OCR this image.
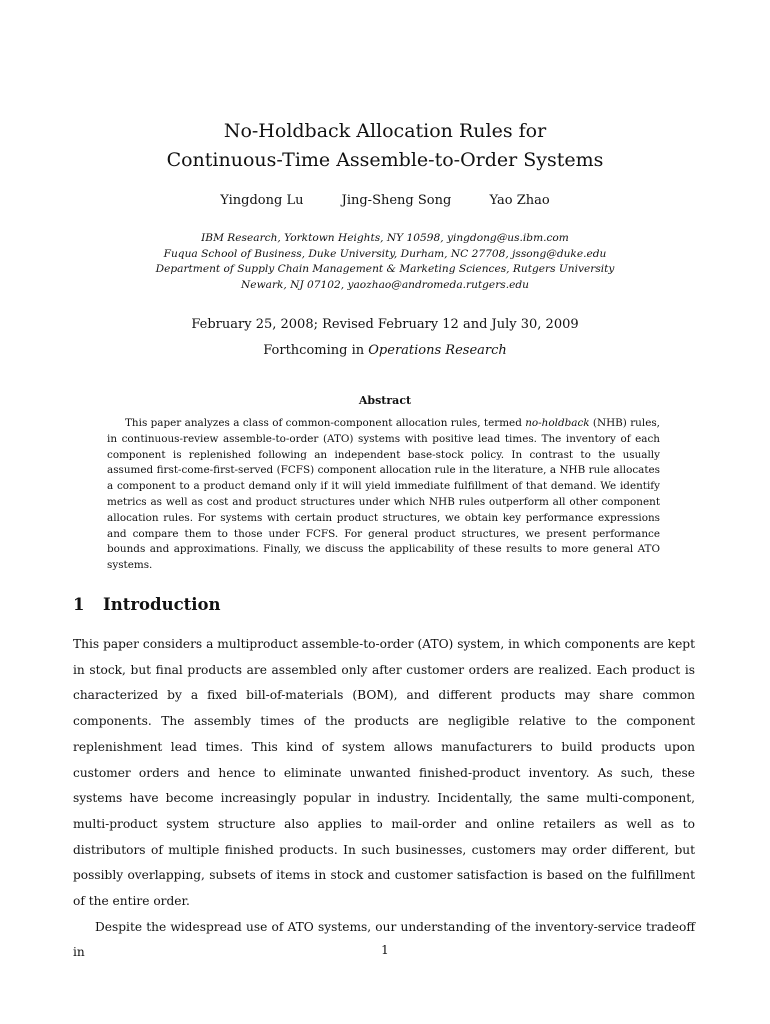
No-Holdback Allocation Rules for
Continuous-Time Assemble-to-Order Systems
Yingdong Lu	Jing-Sheng Song	Yao Zhao
IBM Research, Yorktown Heights, NY 10598, yingdong@us.ibm.com
Fuqua School of Business, Duke University, Durham, NC 27708, jssong@duke.edu
Department of Supply Chain Management & Marketing Sciences, Rutgers University
Newark, NJ 07102, yaozhao@andromeda.rutgers.edu
February 25, 2008; Revised February 12 and July 30, 2009
Forthcoming in Operations Research
Abstract

This paper analyzes a class of common-component allocation rules, termed no-holdback (NHB) rules, in continuous-review assemble-to-order (ATO) systems with positive lead times. The inventory of each component is replenished following an independent base-stock policy. In contrast to the usually assumed first-come-first-served (FCFS) component allocation rule in the literature, a NHB rule allocates a component to a product demand only if it will yield immediate fulfillment of that demand. We identify metrics as well as cost and product structures under which NHB rules outperform all other component allocation rules. For systems with certain product structures, we obtain key performance expressions and compare them to those under FCFS. For general product structures, we present performance bounds and approximations. Finally, we discuss the applicability of these results to more general ATO systems.

1 Introduction

This paper considers a multiproduct assemble-to-order (ATO) system, in which components are kept in stock, but final products are assembled only after customer orders are realized. Each product is characterized by a fixed bill-of-materials (BOM), and different products may share common components. The assembly times of the products are negligible relative to the component replenishment lead times. This kind of system allows manufacturers to build products upon customer orders and hence to eliminate unwanted finished-product inventory. As such, these systems have become increasingly popular in industry. Incidentally, the same multi-component, multi-product system structure also applies to mail-order and online retailers as well as to distributors of multiple finished products. In such businesses, customers may order different, but possibly overlapping, subsets of items in stock and customer satisfaction is based on the fulfillment of the entire order.

Despite the widespread use of ATO systems, our understanding of the inventory-service tradeoff in	1
